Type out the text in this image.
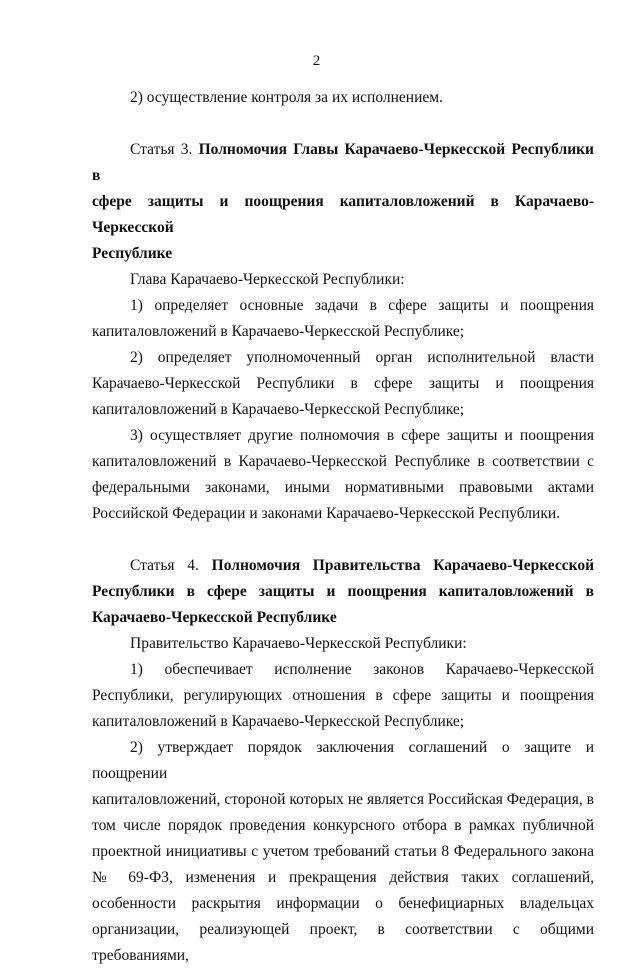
2

2) осуществление контроля за их исполнением.

Статья 3. Полномочия Главы Карачаево-Черкесской Республики в

сфере защиты и поощрения капиталовложений в Карачаево-Черкесской

Республике

Глава Карачаево-Черкесской Республики:

1) определяет основные задачи в сфере защиты и поощрения

капиталовложений в Карачаево-Черкесской Республике;

2) определяет уполномоченный орган исполнительной власти

Карачаево-Черкесской Республики в сфере защиты и поощрения

капиталовложений в Карачаево-Черкесской Республике;

3) осуществляет другие полномочия в сфере защиты и поощрения

капиталовложений в Карачаево-Черкесской Республике в соответствии с

федеральными законами, иными нормативными правовыми актами

Российской Федерации и законами Карачаево-Черкесской Республики.

Статья 4. Полномочия Правительства Карачаево-Черкесской

Республики в сфере защиты и поощрения капиталовложений в

Карачаево-Черкесской Республике

Правительство Карачаево-Черкесской Республики:

1) обеспечивает исполнение законов Карачаево-Черкесской

Республики, регулирующих отношения в сфере защиты и поощрения

капиталовложений в Карачаево-Черкесской Республике;

2) утверждает порядок заключения соглашений о защите и поощрении

капиталовложений, стороной которых не является Российская Федерация, в

том числе порядок проведения конкурсного отбора в рамках публичной

проектной инициативы с учетом требований статьи 8 Федерального закона

№ 69-ФЗ, изменения и прекращения действия таких соглашений,

особенности раскрытия информации о бенефициарных владельцах

организации, реализующей проект, в соответствии с общими требованиями,
